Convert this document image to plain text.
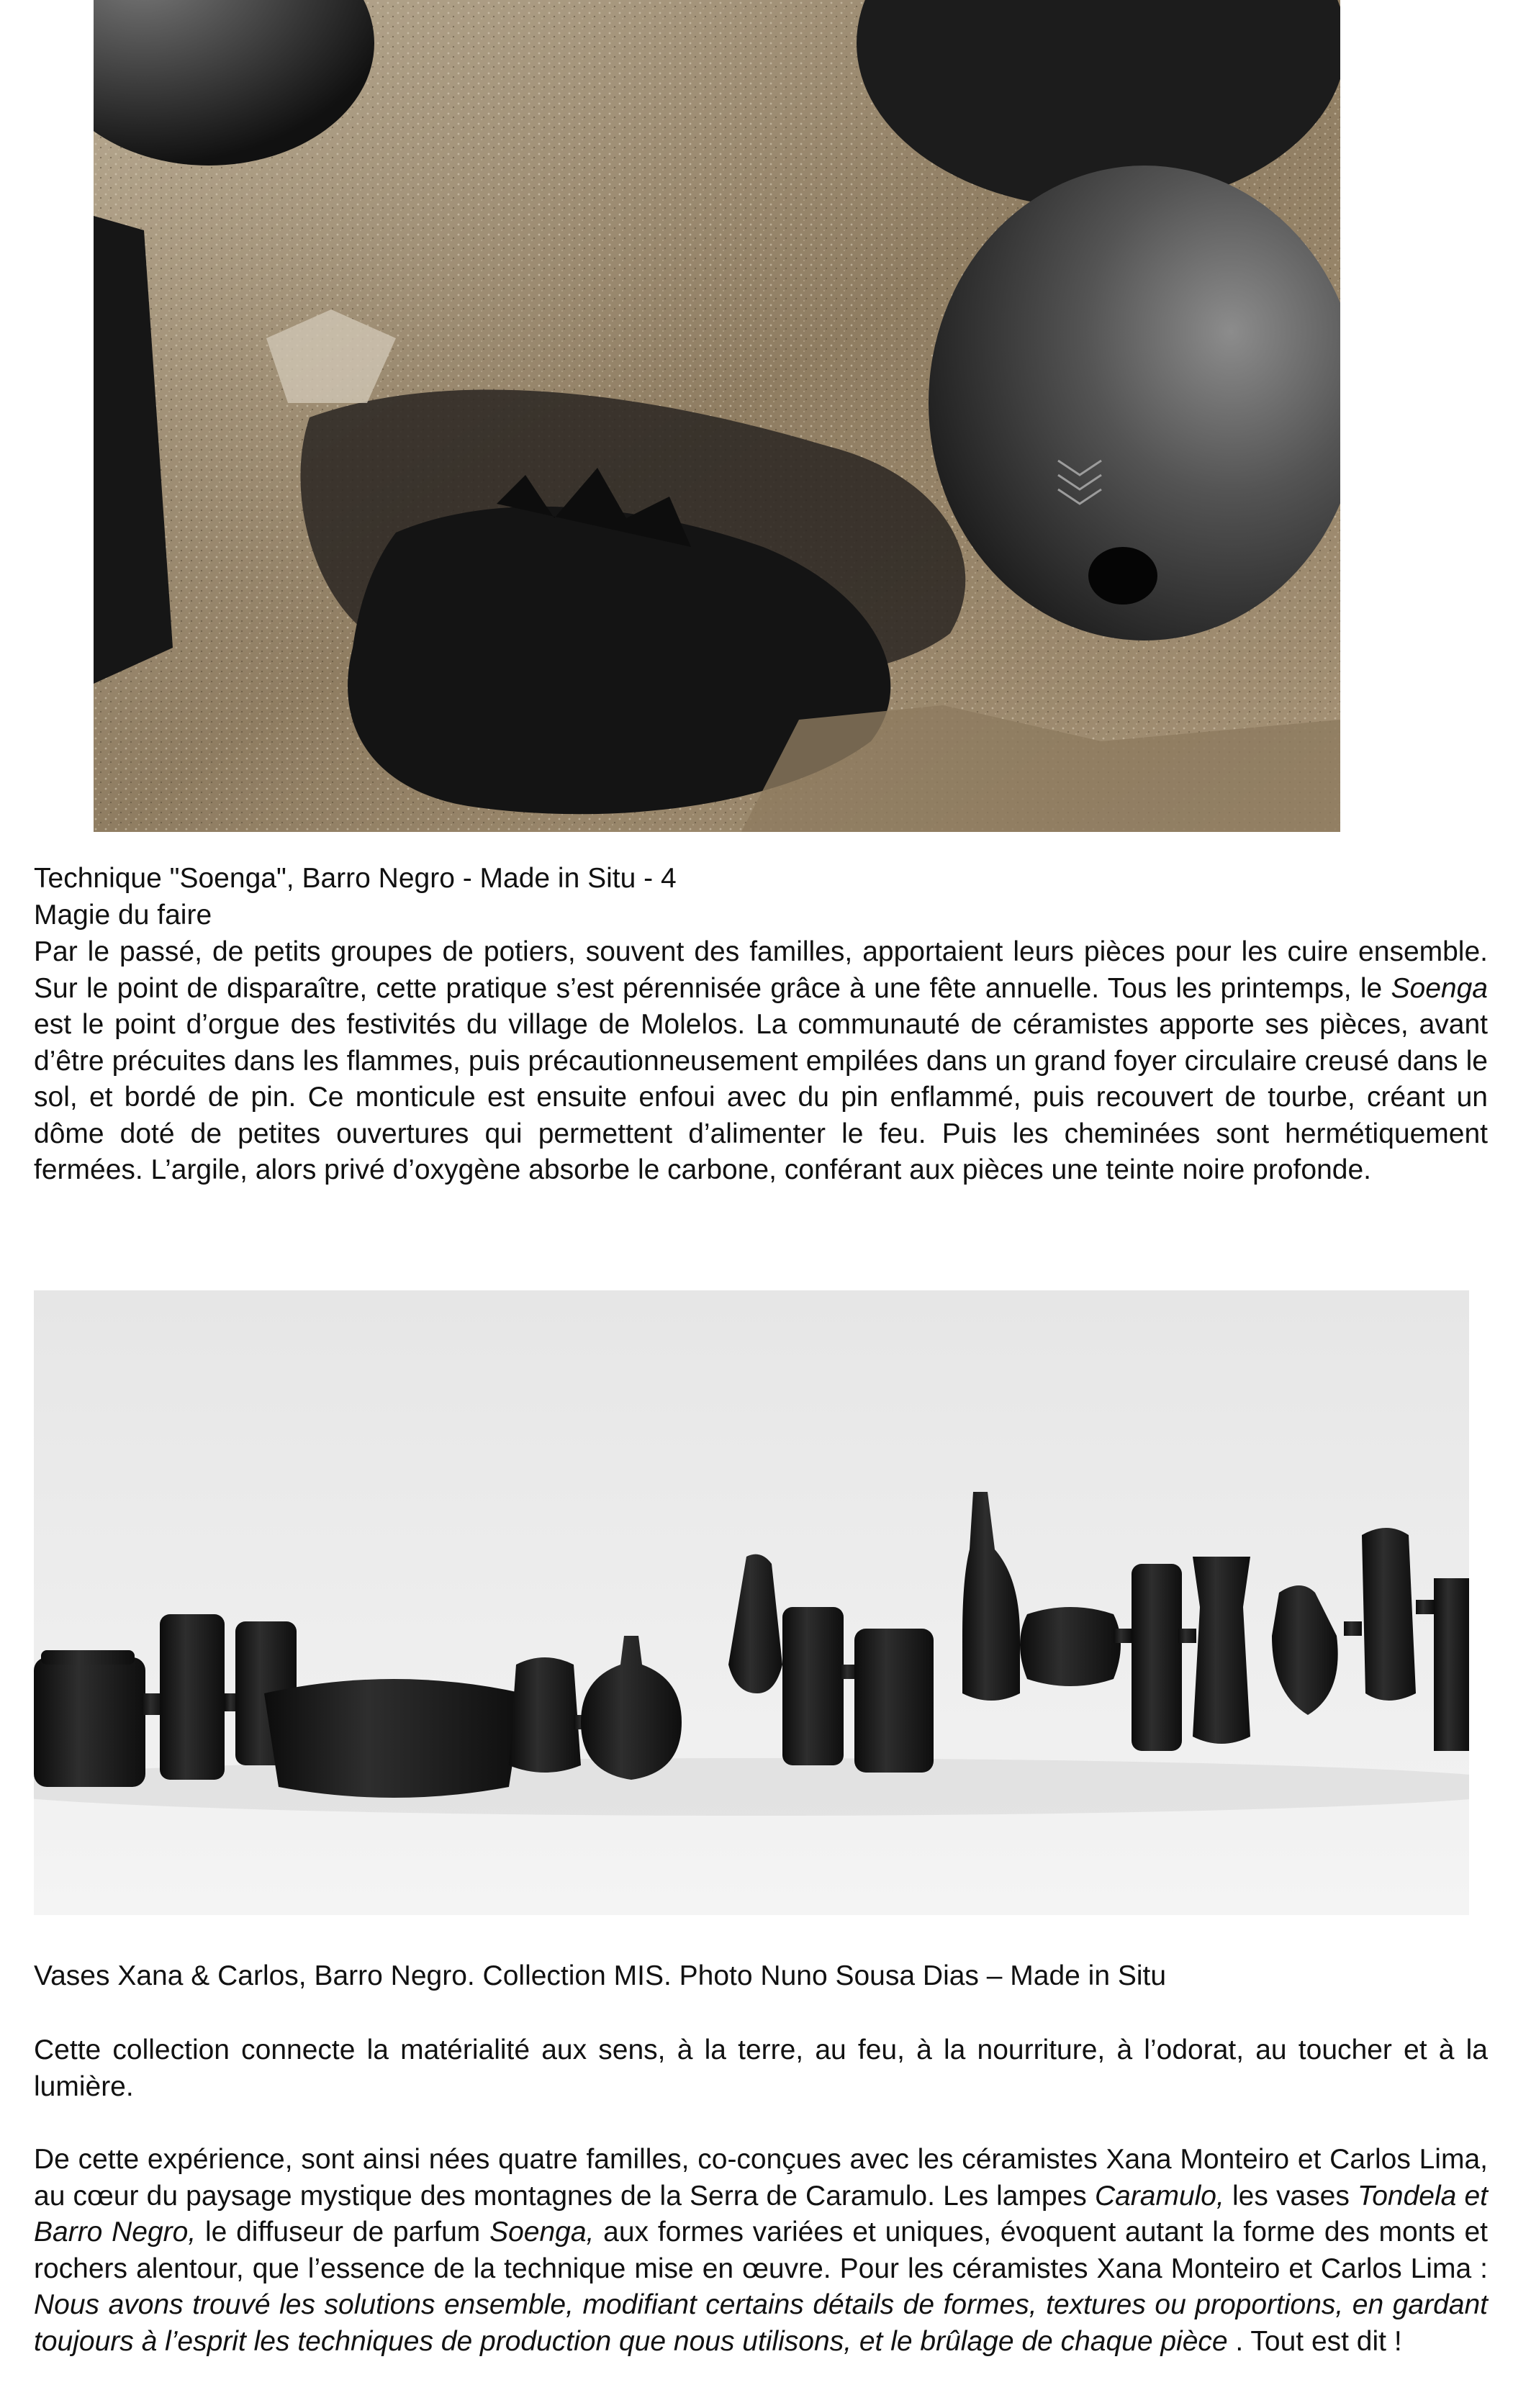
Technique "Soenga", Barro Negro - Made in Situ - 4

Magie du faire

Par le passé, de petits groupes de potiers, souvent des familles, apportaient leurs pièces pour les cuire ensemble. Sur le point de disparaître, cette pratique s’est pérennisée grâce à une fête annuelle. Tous les printemps, le Soenga est le point d’orgue des festivités du village de Molelos. La communauté de céramistes apporte ses pièces, avant d’être précuites dans les flammes, puis précautionneusement empilées dans un grand foyer circulaire creusé dans le sol, et bordé de pin. Ce monticule est ensuite enfoui avec du pin enflammé, puis recouvert de tourbe, créant un dôme doté de petites ouvertures qui permettent d’alimenter le feu. Puis les cheminées sont hermétiquement fermées. L’argile, alors privé d’oxygène absorbe le carbone, conférant aux pièces une teinte noire profonde.

Vases Xana & Carlos, Barro Negro. Collection MIS. Photo Nuno Sousa Dias – Made in Situ

Cette collection connecte la matérialité aux sens, à la terre, au feu, à la nourriture, à l’odorat, au toucher et à la lumière.

De cette expérience, sont ainsi nées quatre familles, co-conçues avec les céramistes Xana Monteiro et Carlos Lima, au cœur du paysage mystique des montagnes de la Serra de Caramulo. Les lampes Caramulo, les vases Tondela et Barro Negro, le diffuseur de parfum Soenga, aux formes variées et uniques, évoquent autant la forme des monts et rochers alentour, que l’essence de la technique mise en œuvre. Pour les céramistes Xana Monteiro et Carlos Lima : Nous avons trouvé les solutions ensemble, modifiant certains détails de formes, textures ou proportions, en gardant toujours à l’esprit les techniques de production que nous utilisons, et le brûlage de chaque pièce . Tout est dit !
